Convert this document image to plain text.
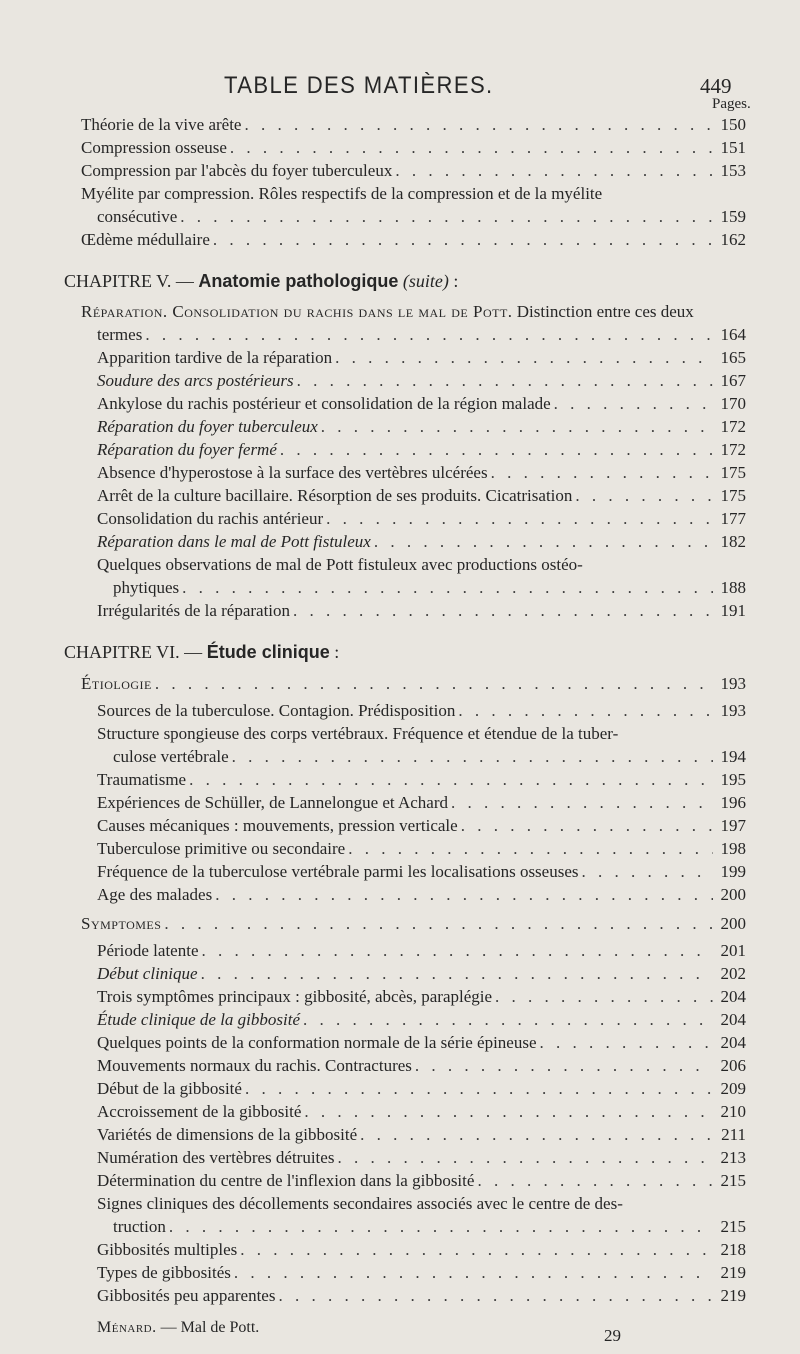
TABLE DES MATIÈRES.	449
Pages.
Théorie de la vive arête . . .	150
Compression osseuse . . .	151
Compression par l'abcès du foyer tuberculeux . . .	153
Myélite par compression. Rôles respectifs de la compression et de la myélite
consécutive . . .	159
Œdème médullaire . . .	162
CHAPITRE V. — Anatomie pathologique (suite) :
Réparation. Consolidation du rachis dans le mal de Pott. Distinction entre ces deux
termes . . .	164
Apparition tardive de la réparation . . .	165
Soudure des arcs postérieurs . . .	167
Ankylose du rachis postérieur et consolidation de la région malade . . .	170
Réparation du foyer tuberculeux . . .	172
Réparation du foyer fermé . . .	172
Absence d'hyperostose à la surface des vertèbres ulcérées . . .	175
Arrêt de la culture bacillaire. Résorption de ses produits. Cicatrisation . . .	175
Consolidation du rachis antérieur . . .	177
Réparation dans le mal de Pott fistuleux . . .	182
Quelques observations de mal de Pott fistuleux avec productions ostéo-
phytiques . . .	188
Irrégularités de la réparation . . .	191
CHAPITRE VI. — Étude clinique :
Étiologie . . .	193
Sources de la tuberculose. Contagion. Prédisposition . . .	193
Structure spongieuse des corps vertébraux. Fréquence et étendue de la tuber-
culose vertébrale . . .	194
Traumatisme . . .	195
Expériences de Schüller, de Lannelongue et Achard . . .	196
Causes mécaniques : mouvements, pression verticale . . .	197
Tuberculose primitive ou secondaire . . .	198
Fréquence de la tuberculose vertébrale parmi les localisations osseuses . . .	199
Age des malades . . .	200
Symptomes . . .	200
Période latente . . .	201
Début clinique . . .	202
Trois symptômes principaux : gibbosité, abcès, paraplégie . . .	204
Étude clinique de la gibbosité . . .	204
Quelques points de la conformation normale de la série épineuse . . .	204
Mouvements normaux du rachis. Contractures . . .	206
Début de la gibbosité . . .	209
Accroissement de la gibbosité . . .	210
Variétés de dimensions de la gibbosité . . .	211
Numération des vertèbres détruites . . .	213
Détermination du centre de l'inflexion dans la gibbosité . . .	215
Signes cliniques des décollements secondaires associés avec le centre de des-
truction . . .	215
Gibbosités multiples . . .	218
Types de gibbosités . . .	219
Gibbosités peu apparentes . . .	219
Ménard. — Mal de Pott.	29
